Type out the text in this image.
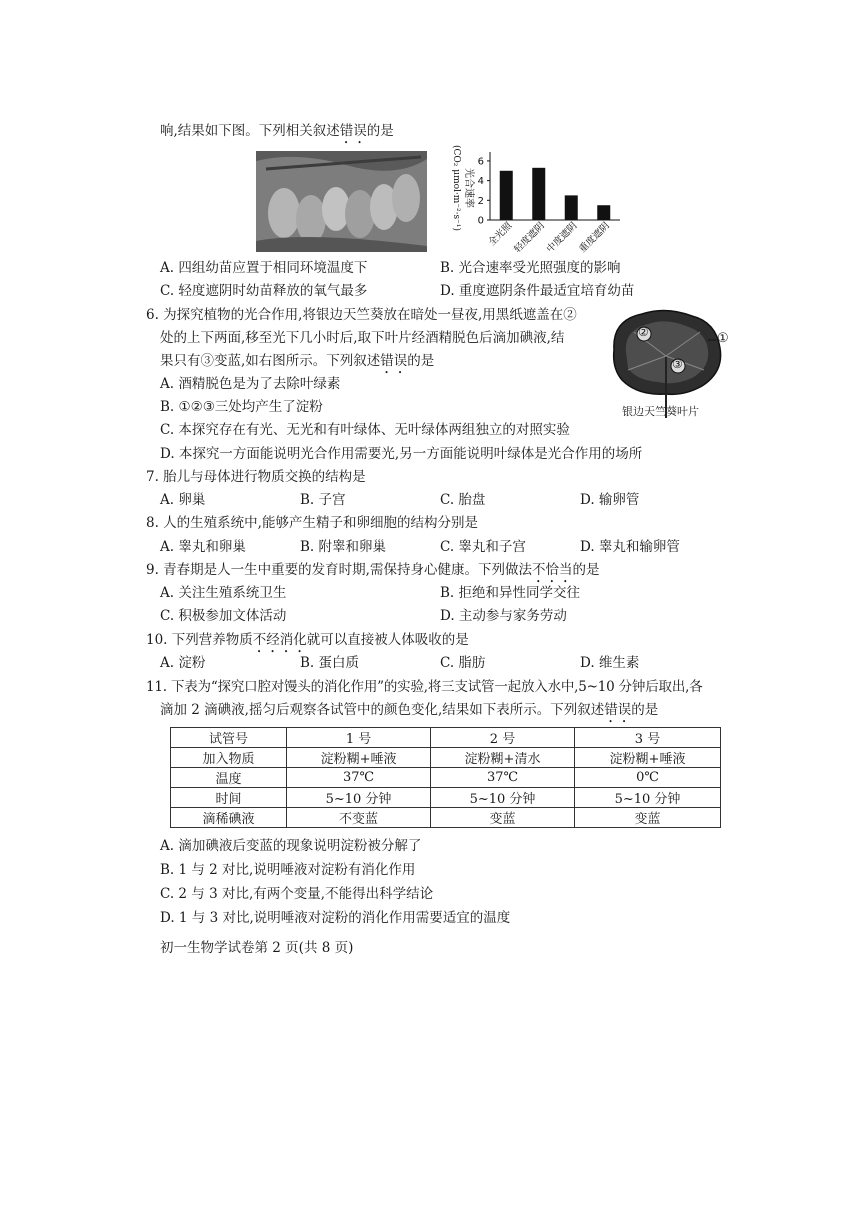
响,结果如下图。下列相关叙述错误的是
光合速率
(CO₂ μmol·m⁻²·s⁻¹) 0
2
4
6
全光照
轻度遮阴
中度遮阴
重度遮阴
A. 四组幼苗应置于相同环境温度下	B. 光合速率受光照强度的影响
C. 轻度遮阴时幼苗释放的氧气最多	D. 重度遮阴条件最适宜培育幼苗
6. 为探究植物的光合作用,将银边天竺葵放在暗处一昼夜,用黑纸遮盖在②
处的上下两面,移至光下几小时后,取下叶片经酒精脱色后滴加碘液,结
果只有③变蓝,如右图所示。下列叙述错误的是
②
③
①
银边天竺葵叶片
A. 酒精脱色是为了去除叶绿素
B. ①②③三处均产生了淀粉
C. 本探究存在有光、无光和有叶绿体、无叶绿体两组独立的对照实验
D. 本探究一方面能说明光合作用需要光,另一方面能说明叶绿体是光合作用的场所
7. 胎儿与母体进行物质交换的结构是
A. 卵巢	B. 子宫	C. 胎盘	D. 输卵管
8. 人的生殖系统中,能够产生精子和卵细胞的结构分别是
A. 睾丸和卵巢	B. 附睾和卵巢	C. 睾丸和子宫	D. 睾丸和输卵管
9. 青春期是人一生中重要的发育时期,需保持身心健康。下列做法不恰当的是
A. 关注生殖系统卫生	B. 拒绝和异性同学交往
C. 积极参加文体活动	D. 主动参与家务劳动
10. 下列营养物质不经消化就可以直接被人体吸收的是
A. 淀粉	B. 蛋白质	C. 脂肪	D. 维生素
11. 下表为“探究口腔对馒头的消化作用”的实验,将三支试管一起放入水中,5~10 分钟后取出,各
滴加 2 滴碘液,摇匀后观察各试管中的颜色变化,结果如下表所示。下列叙述错误的是
试管号	1 号	2 号	3 号
加入物质	淀粉糊+唾液	淀粉糊+清水	淀粉糊+唾液
温度	37℃	37℃	0℃
时间	5~10 分钟	5~10 分钟	5~10 分钟
滴稀碘液	不变蓝	变蓝	变蓝
A. 滴加碘液后变蓝的现象说明淀粉被分解了
B. 1 与 2 对比,说明唾液对淀粉有消化作用
C. 2 与 3 对比,有两个变量,不能得出科学结论
D. 1 与 3 对比,说明唾液对淀粉的消化作用需要适宜的温度
初一生物学试卷第 2 页(共 8 页)
